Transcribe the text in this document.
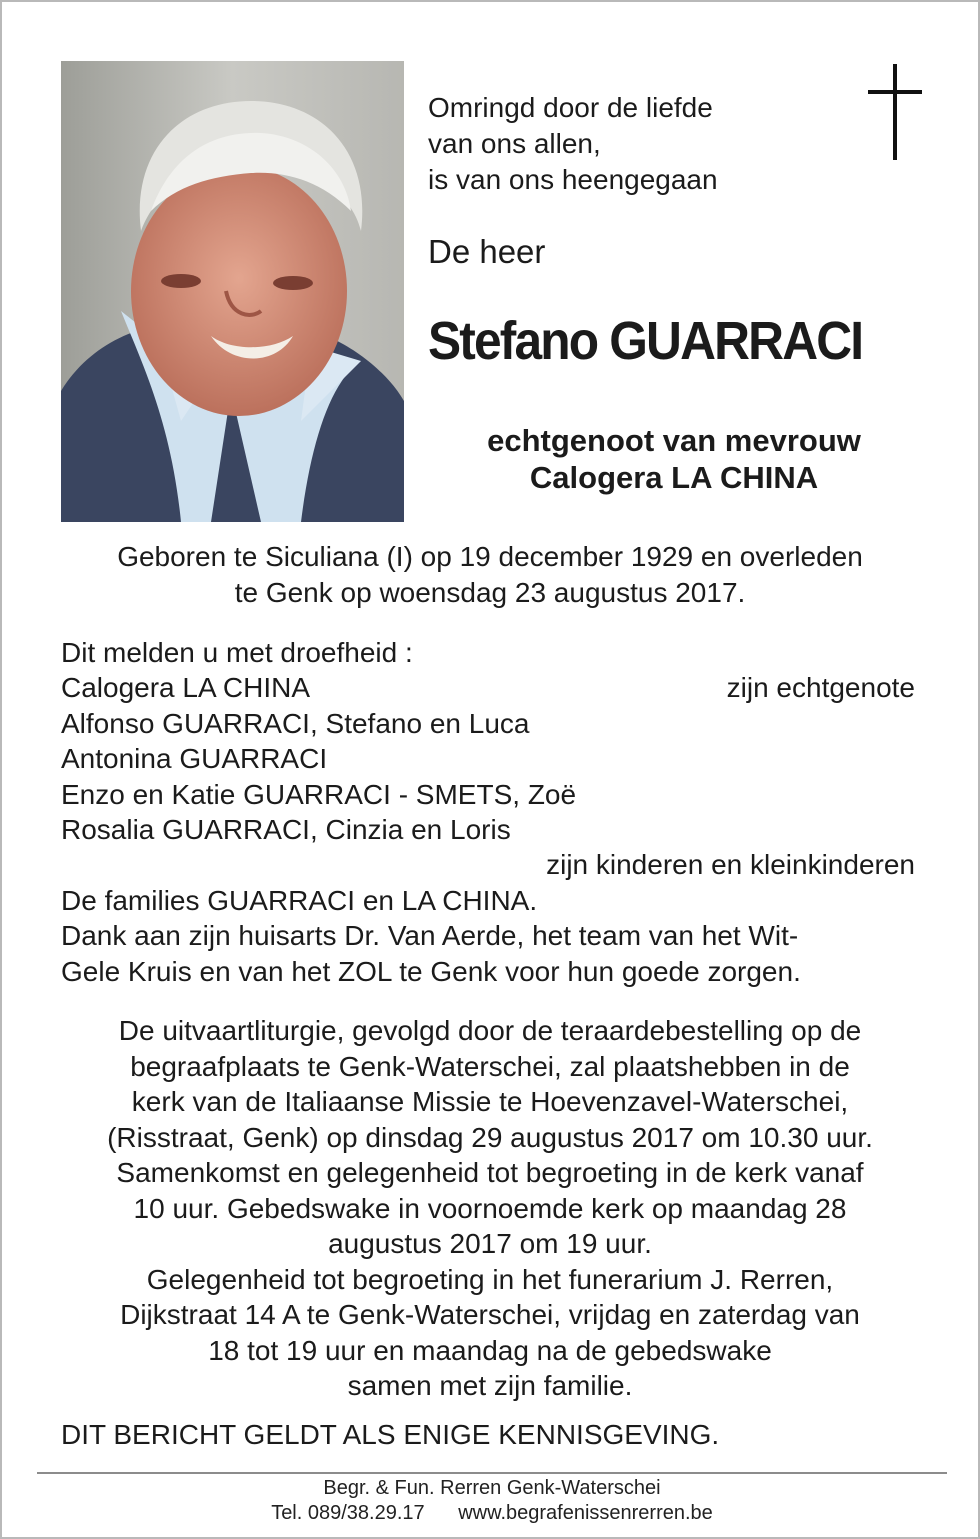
Omringd door de liefde
van ons allen,
is van ons heengegaan

De heer

Stefano GUARRACI

echtgenoot van mevrouw
Calogera LA CHINA

Geboren te Siculiana (I) op 19 december 1929 en overleden
te Genk op woensdag 23 augustus 2017.

Dit melden u met droefheid :
Calogera LA CHINA	zijn echtgenote
Alfonso GUARRACI, Stefano en Luca
Antonina GUARRACI
Enzo en Katie GUARRACI - SMETS, Zoë
Rosalia GUARRACI, Cinzia en Loris
zijn kinderen en kleinkinderen
De families GUARRACI en LA CHINA.
Dank aan zijn huisarts Dr. Van Aerde, het team van het Wit-
Gele Kruis en van het ZOL te Genk voor hun goede zorgen.

De uitvaartliturgie, gevolgd door de teraardebestelling op de
begraafplaats te Genk-Waterschei, zal plaatshebben in de
kerk van de Italiaanse Missie te Hoevenzavel-Waterschei,
(Risstraat, Genk) op dinsdag 29 augustus 2017 om 10.30 uur.
Samenkomst en gelegenheid tot begroeting in de kerk vanaf
10 uur. Gebedswake in voornoemde kerk op maandag 28
augustus 2017 om 19 uur.
Gelegenheid tot begroeting in het funerarium J. Rerren,
Dijkstraat 14 A te Genk-Waterschei, vrijdag en zaterdag van
18 tot 19 uur en maandag na de gebedswake
samen met zijn familie.

DIT BERICHT GELDT ALS ENIGE KENNISGEVING.

Begr. & Fun. Rerren Genk-Waterschei
Tel. 089/38.29.17 www.begrafenissenrerren.be
